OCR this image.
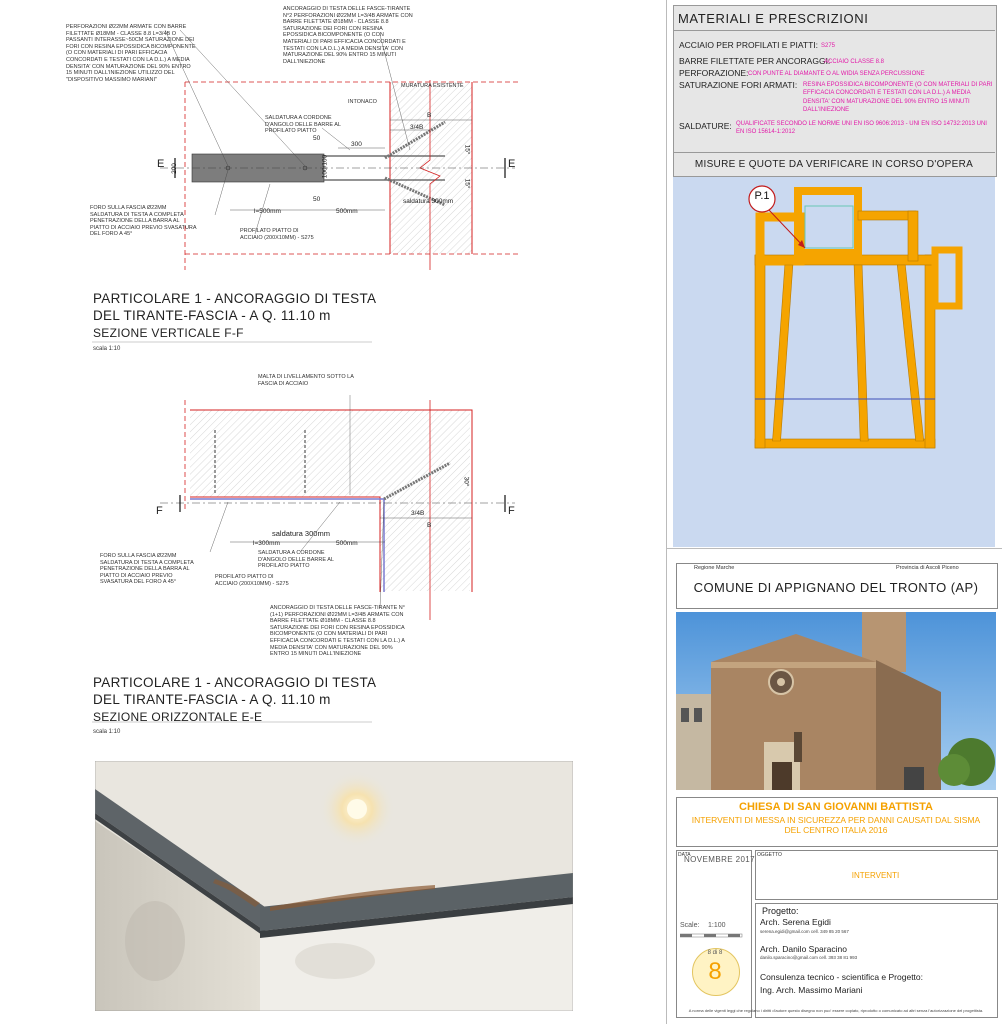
PERFORAZIONI Ø22MM ARMATE CON BARRE FILETTATE Ø18MM - CLASSE 8.8 L=3/4B O PASSANTI INTERASSE~50CM SATURAZIONE DEI FORI CON RESINA EPOSSIDICA BICOMPONENTE (O CON MATERIALI DI PARI EFFICACIA CONCORDATI E TESTATI CON LA D.L.) A MEDIA DENSITA' CON MATURAZIONE DEL 90% ENTRO 15 MINUTI DALL'INIEZIONE UTILIZZO DEL "DISPOSITIVO MASSIMO MARIANI"
ANCORAGGIO DI TESTA DELLE FASCE-TIRANTE N°2 PERFORAZIONI Ø22MM L=3/4B ARMATE CON BARRE FILETTATE Ø18MM - CLASSE 8.8 SATURAZIONE DEI FORI CON RESINA EPOSSIDICA BICOMPONENTE (O CON MATERIALI DI PARI EFFICACIA CONCORDATI E TESTATI CON LA D.L.) A MEDIA DENSITA' CON MATURAZIONE DEL 90% ENTRO 15 MINUTI DALL'INIEZIONE
MURATURA ESISTENTE
INTONACO
SALDATURA A CORDONE D'ANGOLO DELLE BARRE AL PROFILATO PIATTO
50
300
100/100
50
200
B
3/4B
15°
15°
E	E
FORO SULLA FASCIA Ø22MM SALDATURA DI TESTA A COMPLETA PENETRAZIONE DELLA BARRA AL PIATTO DI ACCIAIO PREVIO SVASATURA DEL FORO A 45°
l=500mm	500mm
saldatura 300mm
PROFILATO PIATTO DI ACCIAIO (200X10MM) - S275
PARTICOLARE 1 - ANCORAGGIO DI TESTA
DEL TIRANTE-FASCIA - A Q. 11.10 m
SEZIONE VERTICALE F-F
scala 1:10
MALTA DI LIVELLAMENTO SOTTO LA FASCIA DI ACCIAIO
30°
3/4B
B
F	F
saldatura 300mm
l=300mm	500mm
SALDATURA A CORDONE D'ANGOLO DELLE BARRE AL PROFILATO PIATTO
FORO SULLA FASCIA Ø22MM SALDATURA DI TESTA A COMPLETA PENETRAZIONE DELLA BARRA AL PIATTO DI ACCIAIO PREVIO SVASATURA DEL FORO A 45°
PROFILATO PIATTO DI ACCIAIO (200X10MM) - S275
ANCORAGGIO DI TESTA DELLE FASCE-TIRANTE N°(1+1) PERFORAZIONI Ø22MM L=3/4B ARMATE CON BARRE FILETTATE Ø18MM - CLASSE 8.8 SATURAZIONE DEI FORI CON RESINA EPOSSIDICA BICOMPONENTE (O CON MATERIALI DI PARI EFFICACIA CONCORDATI E TESTATI CON LA D.L.) A MEDIA DENSITA' CON MATURAZIONE DEL 90% ENTRO 15 MINUTI DALL'INIEZIONE
PARTICOLARE 1 - ANCORAGGIO DI TESTA
DEL TIRANTE-FASCIA - A Q. 11.10 m
SEZIONE ORIZZONTALE E-E
scala 1:10
MATERIALI E PRESCRIZIONI
ACCIAIO PER PROFILATI E PIATTI: S275
BARRE FILETTATE PER ANCORAGGI:
ACCIAIO CLASSE 8.8
PERFORAZIONE: CON PUNTE AL DIAMANTE O AL WIDIA SENZA PERCUSSIONE
SATURAZIONE FORI ARMATI: RESINA EPOSSIDICA BICOMPONENTE (O CON MATERIALI DI PARI EFFICACIA CONCORDATI E TESTATI CON LA D.L.) A MEDIA DENSITA' CON MATURAZIONE DEL 90% ENTRO 15 MINUTI DALL'INIEZIONE
SALDATURE: QUALIFICATE SECONDO LE NORME UNI EN ISO 9606:2013 - UNI EN ISO 14732:2013 UNI EN ISO 15614-1:2012
MISURE E QUOTE DA VERIFICARE IN CORSO D'OPERA
P.1
Regione Marche	Provincia di Ascoli Piceno
COMUNE DI APPIGNANO DEL TRONTO (AP)
CHIESA DI SAN GIOVANNI BATTISTA
INTERVENTI DI MESSA IN SICUREZZA PER DANNI CAUSATI DAL SISMA DEL CENTRO ITALIA 2016
DATA
NOVEMBRE 2017 OGGETTO
INTERVENTI
Scale: 1:100
8 di 8
8
Progetto:
Arch. Serena Egidi
serena.egidi@gmail.com cell. 349 85 20 567
Arch. Danilo Sparacino
danilo.sparacino@gmail.com cell. 393 38 81 993
Consulenza tecnico - scientifica e Progetto:
Ing. Arch. Massimo Mariani
A norma delle vigenti leggi che regolano i diritti d'autore questo disegno non puo' essere copiato, riprodotto o comunicato ad altri senza l'autorizzazione del progettista.
